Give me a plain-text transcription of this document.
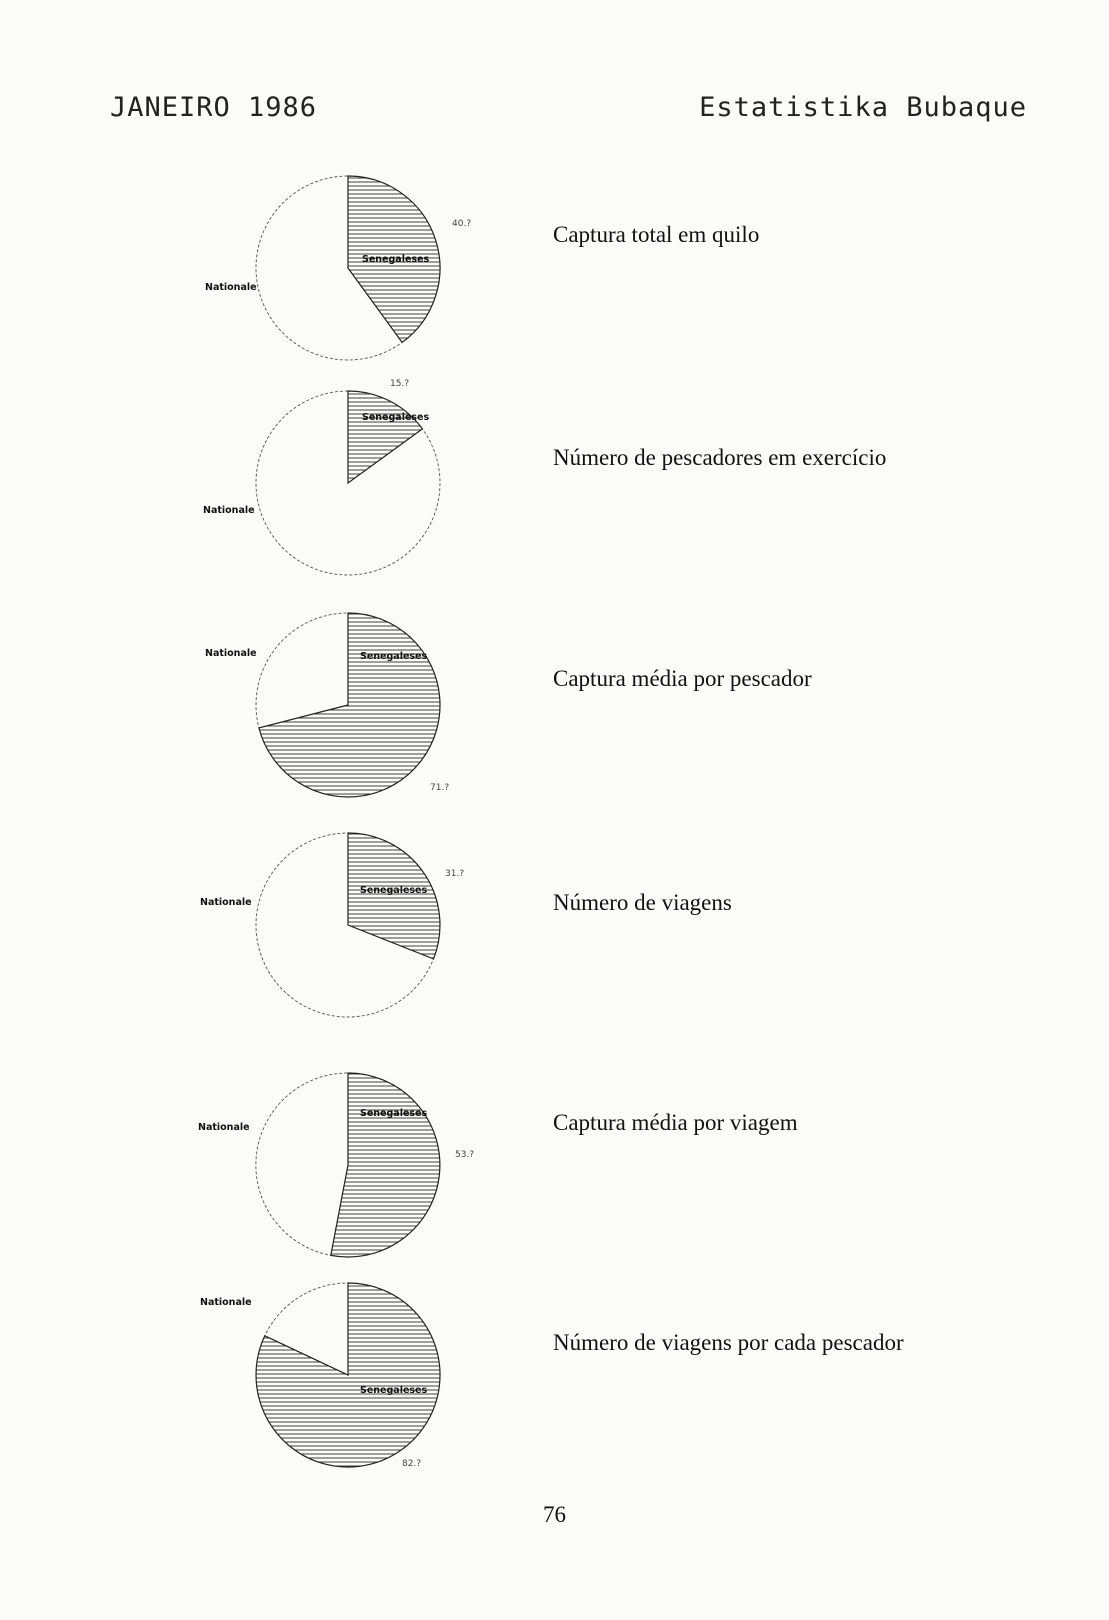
JANEIRO 1986	Estatistika Bubaque
Senegaleses
Nationale
40.?	Captura total em quilo
Senegaleses
Nationale
15.?
Número de pescadores em exercício
Senegaleses
Nationale
71.?
Captura média por pescador
Senegaleses
Nationale
31.?
Número de viagens
Senegaleses
Nationale
53.?
Captura média por viagem
Senegaleses
Nationale
82.?
Número de viagens por cada pescador
76
